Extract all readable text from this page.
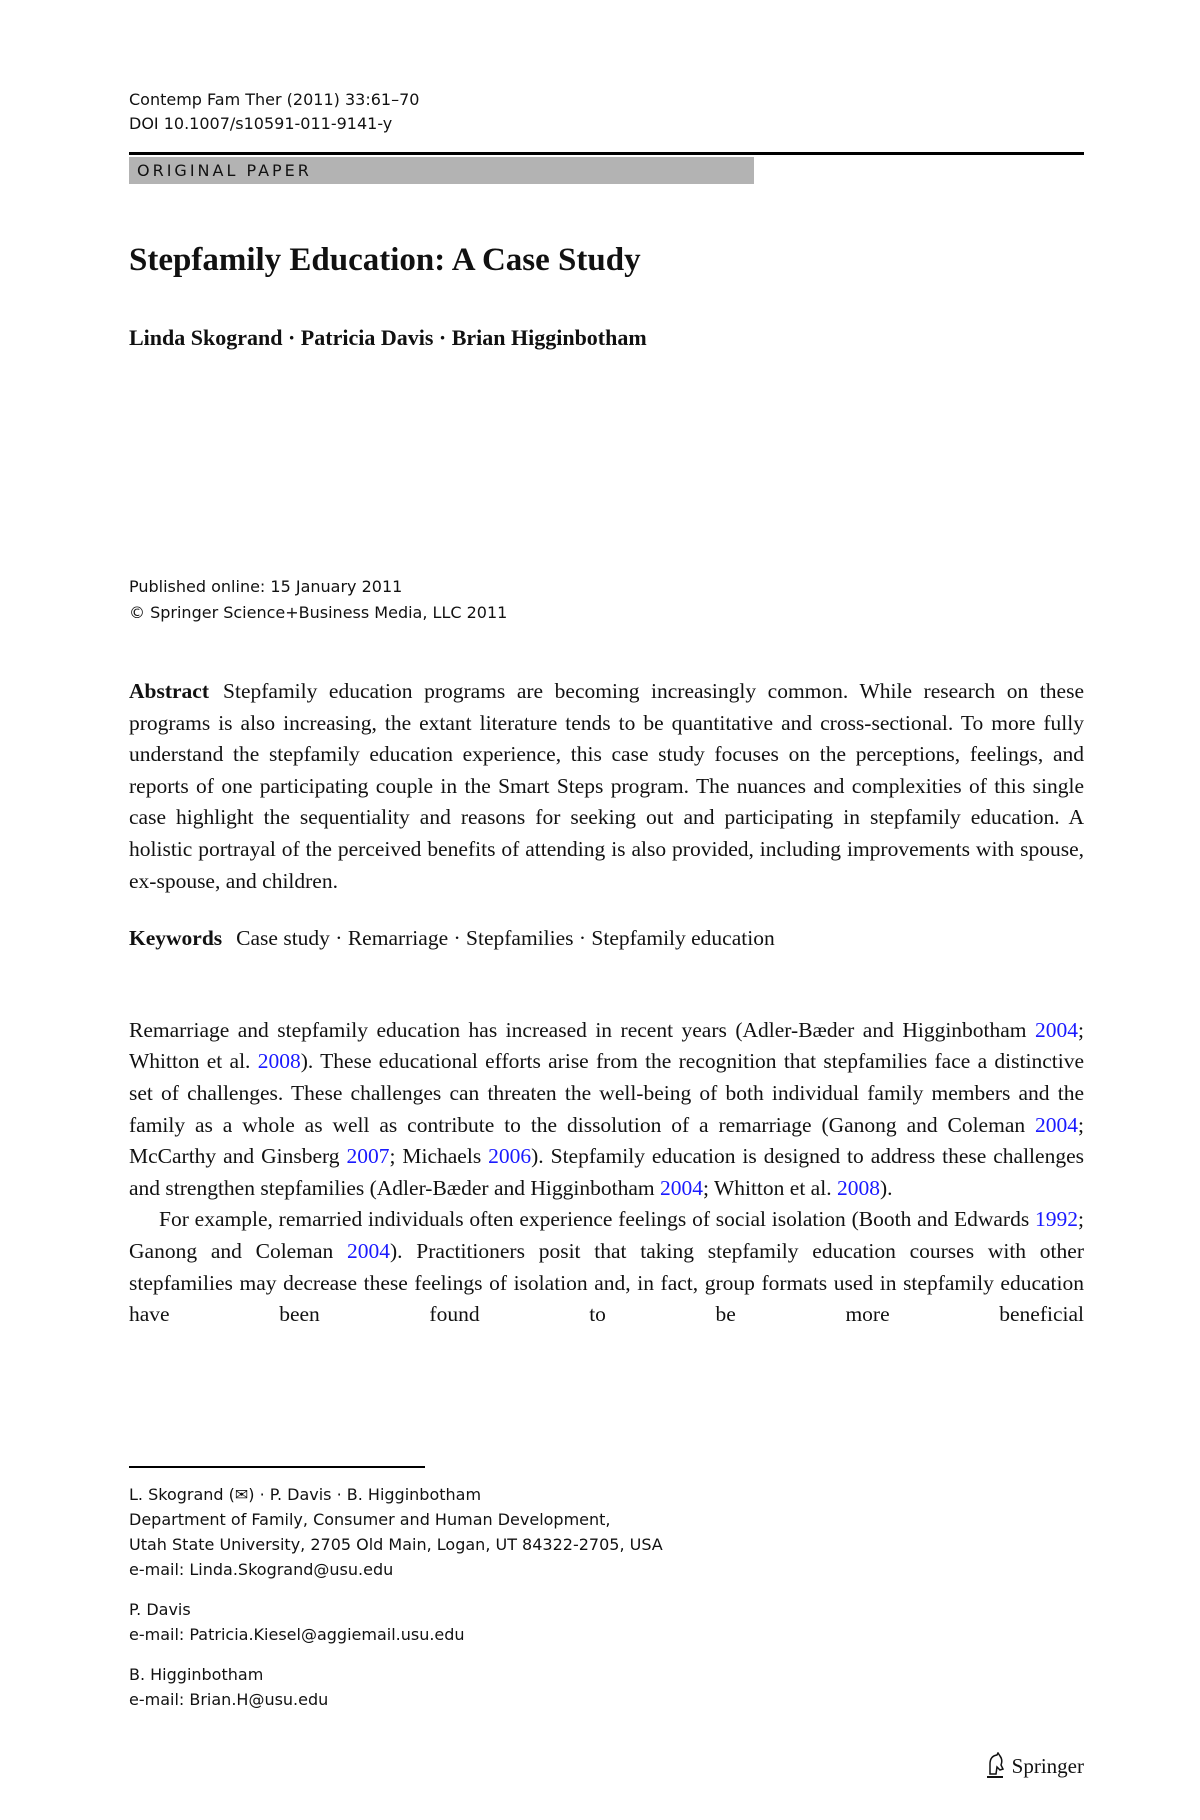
Contemp Fam Ther (2011) 33:61–70
DOI 10.1007/s10591-011-9141-y
ORIGINAL PAPER
Stepfamily Education: A Case Study
Linda Skogrand · Patricia Davis · Brian Higginbotham
Published online: 15 January 2011
© Springer Science+Business Media, LLC 2011
Abstract Stepfamily education programs are becoming increasingly common. While research on these programs is also increasing, the extant literature tends to be quantitative and cross-sectional. To more fully understand the stepfamily education experience, this case study focuses on the perceptions, feelings, and reports of one participating couple in the Smart Steps program. The nuances and complexities of this single case highlight the sequentiality and reasons for seeking out and participating in stepfamily education. A holistic portrayal of the perceived benefits of attending is also provided, including improvements with spouse, ex-spouse, and children.
Keywords Case study · Remarriage · Stepfamilies · Stepfamily education
Remarriage and stepfamily education has increased in recent years (Adler-Bæder and Higginbotham 2004; Whitton et al. 2008). These educational efforts arise from the recognition that stepfamilies face a distinctive set of challenges. These challenges can threaten the well-being of both individual family members and the family as a whole as well as contribute to the dissolution of a remarriage (Ganong and Coleman 2004; McCarthy and Ginsberg 2007; Michaels 2006). Stepfamily education is designed to address these challenges and strengthen stepfamilies (Adler-Bæder and Higginbotham 2004; Whitton et al. 2008).
For example, remarried individuals often experience feelings of social isolation (Booth and Edwards 1992; Ganong and Coleman 2004). Practitioners posit that taking stepfamily education courses with other stepfamilies may decrease these feelings of isolation and, in fact, group formats used in stepfamily education have been found to be more beneficial
L. Skogrand (✉) · P. Davis · B. Higginbotham
Department of Family, Consumer and Human Development,
Utah State University, 2705 Old Main, Logan, UT 84322-2705, USA
e-mail: Linda.Skogrand@usu.edu
P. Davis
e-mail: Patricia.Kiesel@aggiemail.usu.edu
B. Higginbotham
e-mail: Brian.H@usu.edu
Springer
